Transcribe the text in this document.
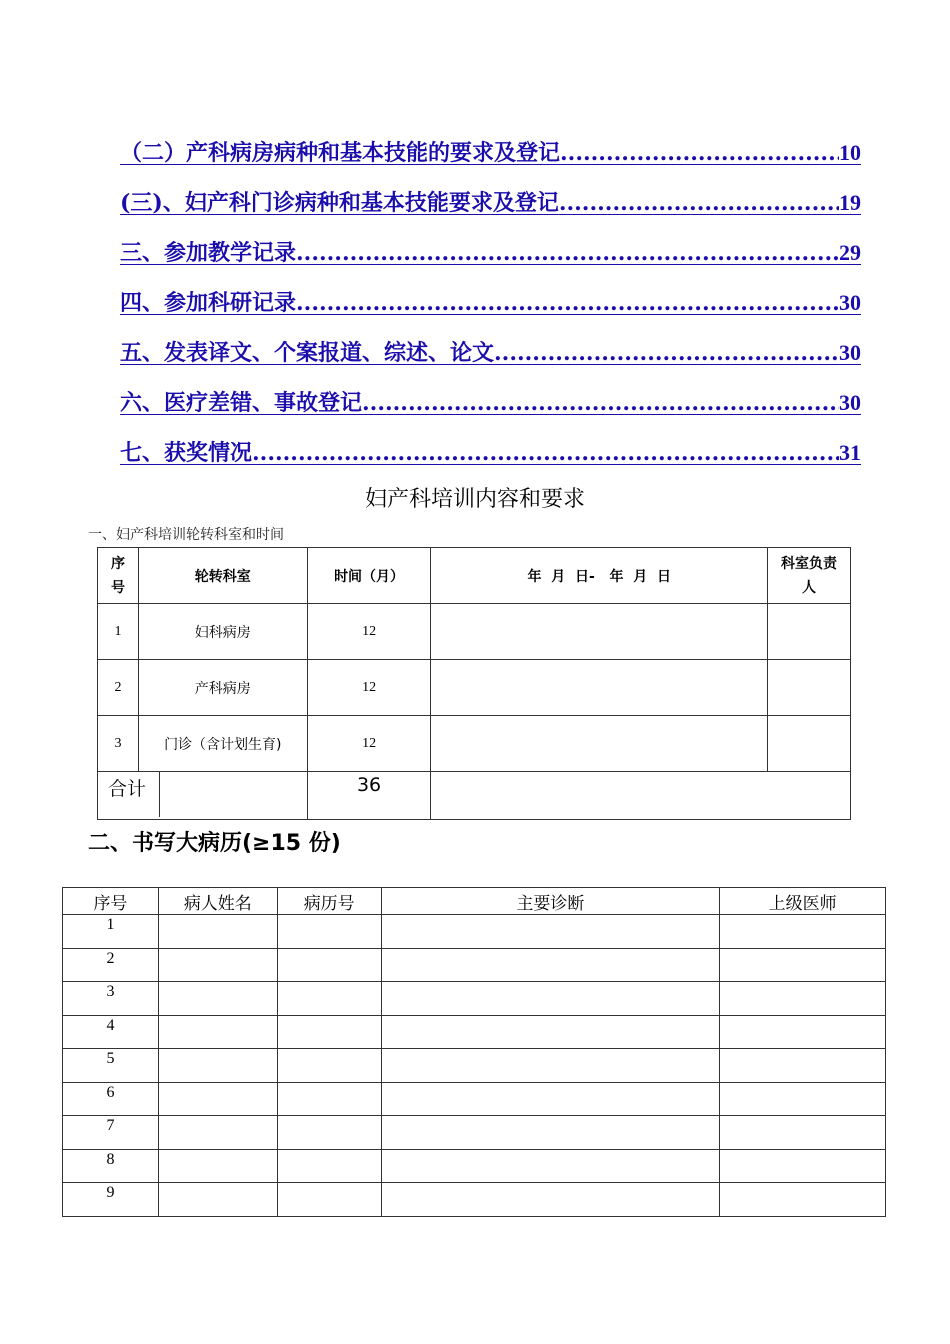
（二）产科病房病种和基本技能的要求及登记 .....	10
(三)、妇产科门诊病种和基本技能要求及登记 .....	19
三、参加教学记录 .....	29
四、参加科研记录 .....	30
五、发表译文、个案报道、综述、论文 .....	30
六、医疗差错、事故登记 .....	30
七、获奖情况 .....	31
妇产科培训内容和要求
一、妇产科培训轮转科室和时间
序号	轮转科室	时间（月）	年  月  日-   年  月  日	科室负责人

1	妇科病房	12		
2	产科病房	12		
3	门诊（含计划生育)	12		

合计		36		
二、书写大病历(≥15 份)
序号	病人姓名	病历号	主要诊断	上级医师
1				
2				
3				
4				
5				
6				
7				
8				
9				
